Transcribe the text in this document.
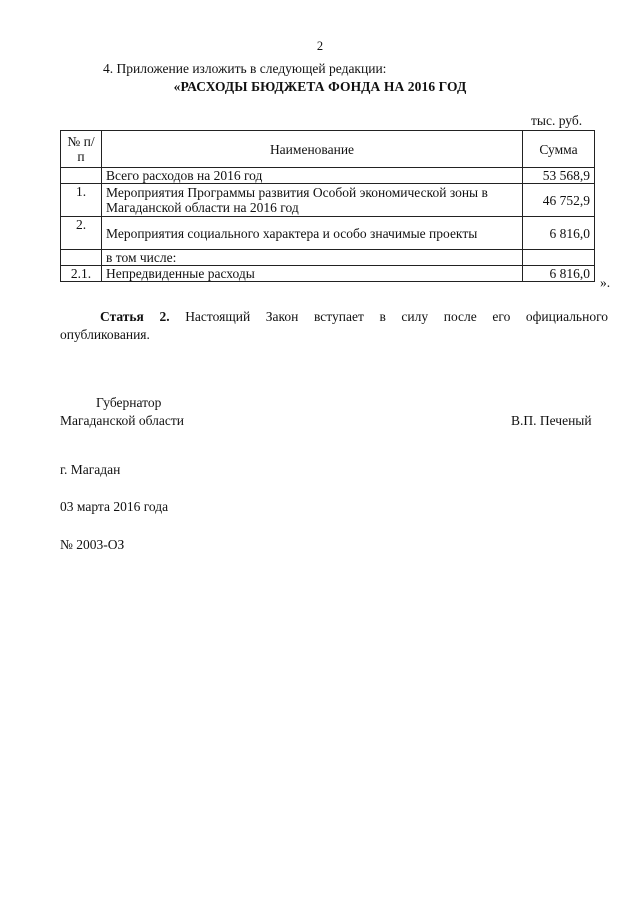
2
4. Приложение изложить в следующей редакции:
«РАСХОДЫ БЮДЖЕТА ФОНДА НА 2016 ГОД
тыс. руб.
№ п/п	Наименование	Сумма
	Всего расходов на 2016 год	53 568,9
1.	Мероприятия Программы развития Особой экономической зоны в Магаданской области на 2016 год	46 752,9
2.	Мероприятия социального характера и особо значимые проекты	6 816,0
	в том числе:	
2.1.	Непредвиденные расходы	6 816,0
».
Статья 2. Настоящий Закон вступает в силу после его официального опубликования.
Губернатор
Магаданской области	В.П. Печеный
г. Магадан
03 марта 2016 года
№ 2003-ОЗ
